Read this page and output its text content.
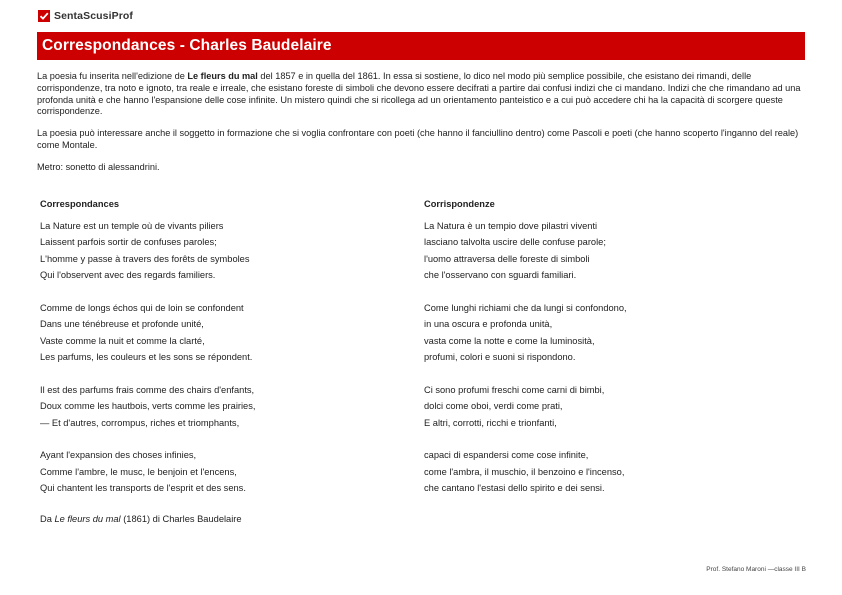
SentaScusiProf
Correspondances - Charles Baudelaire

La poesia fu inserita nell'edizione de Le fleurs du mal del 1857 e in quella del 1861. In essa si sostiene, lo dico nel modo più semplice possibile, che esistano dei rimandi, delle corrispondenze, tra noto e ignoto, tra reale e irreale, che esistano foreste di simboli che devono essere decifrati a partire dai confusi indizi che ci mandano. Indizi che che rimandano ad una profonda unità e che hanno l'espansione delle cose infinite. Un mistero quindi che si ricollega ad un orientamento panteistico e a cui può accedere chi ha la capacità di scorgere queste corrispondenze.

La poesia può interessare anche il soggetto in formazione che si voglia confrontare con poeti (che hanno il fanciullino dentro) come Pascoli e poeti (che hanno scoperto l'inganno del reale) come Montale.

Metro: sonetto di alessandrini.

Correspondances
La Nature est un temple où de vivants piliers
Laissent parfois sortir de confuses paroles;
L'homme y passe à travers des forêts de symboles
Qui l'observent avec des regards familiers.
Comme de longs échos qui de loin se confondent
Dans une ténébreuse et profonde unité,
Vaste comme la nuit et comme la clarté,
Les parfums, les couleurs et les sons se répondent.
Il est des parfums frais comme des chairs d'enfants,
Doux comme les hautbois, verts comme les prairies,
— Et d'autres, corrompus, riches et triomphants,
Ayant l'expansion des choses infinies,
Comme l'ambre, le musc, le benjoin et l'encens,
Qui chantent les transports de l'esprit et des sens.
Corrispondenze
La Natura è un tempio dove pilastri viventi
lasciano talvolta uscire delle confuse parole;
l'uomo attraversa delle foreste di simboli
che l'osservano con sguardi familiari.
Come lunghi richiami che da lungi si confondono,
in una oscura e profonda unità,
vasta come la notte e come la luminosità,
profumi, colori e suoni si rispondono.
Ci sono profumi freschi come carni di bimbi,
dolci come oboi, verdi come prati,
E altri, corrotti, ricchi e trionfanti,
capaci di espandersi come cose infinite,
come l'ambra, il muschio, il benzoino e l'incenso,
che cantano l'estasi dello spirito e dei sensi.
Da Le fleurs du mal (1861) di Charles Baudelaire
Prof. Stefano Maroni —classe III B
